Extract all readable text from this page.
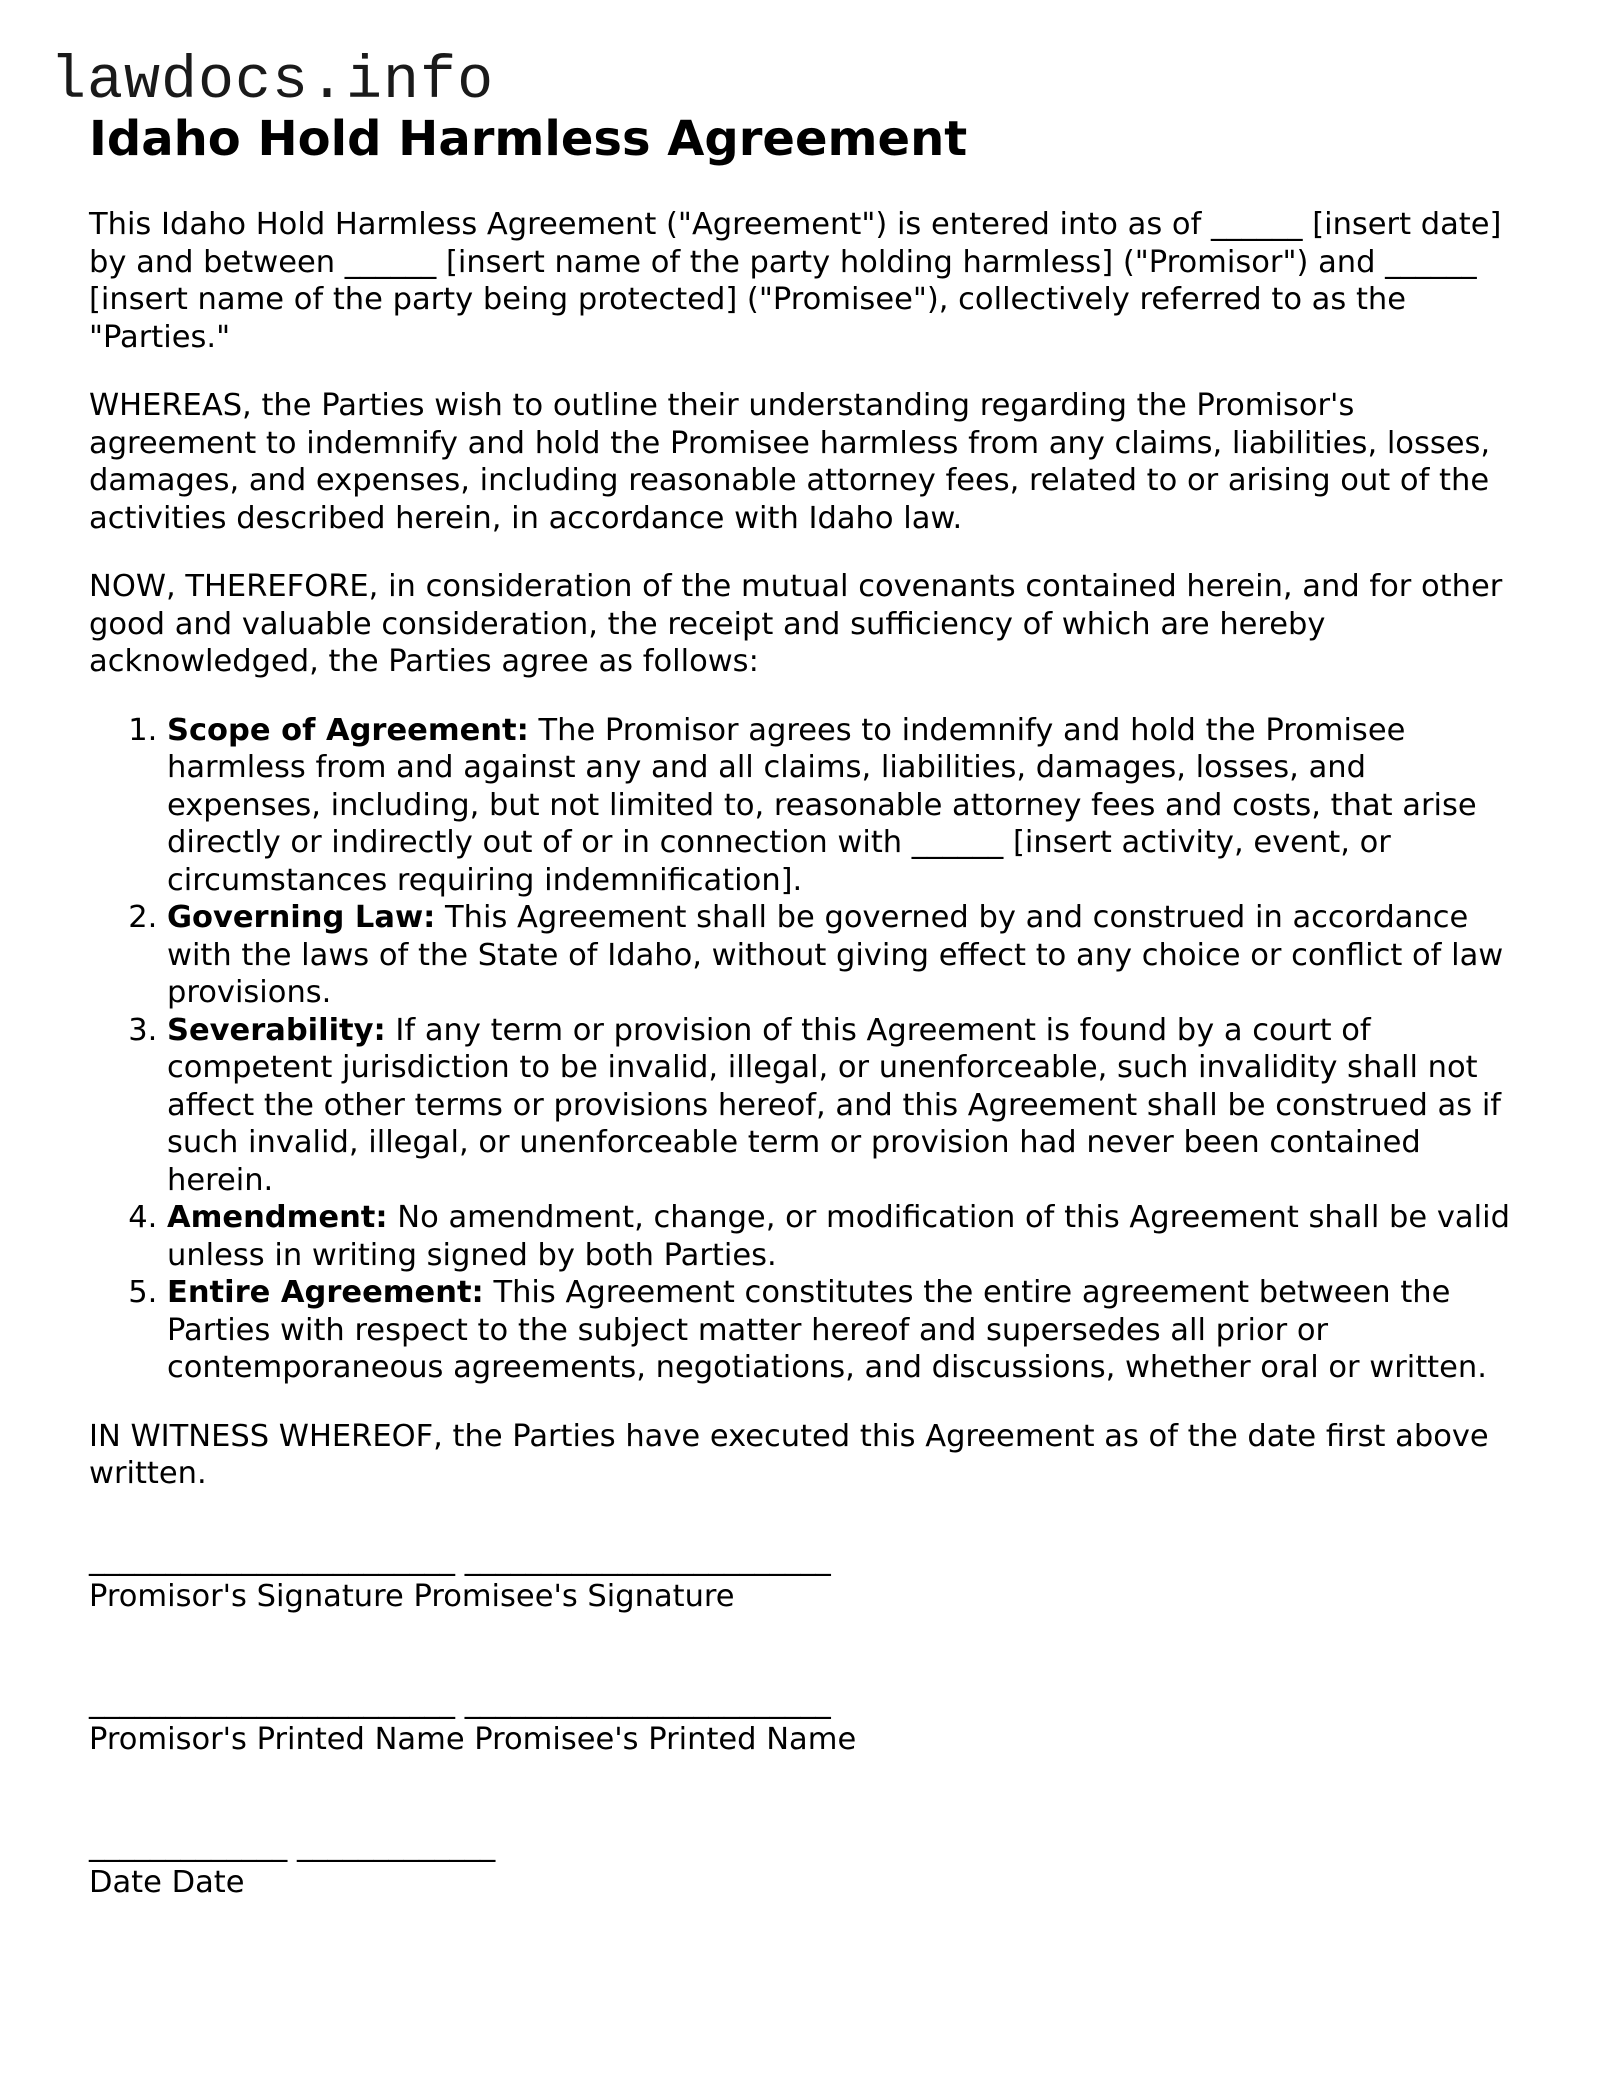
lawdocs.info
Idaho Hold Harmless Agreement

This Idaho Hold Harmless Agreement ("Agreement") is entered into as of ______ [insert date] by and between ______ [insert name of the party holding harmless] ("Promisor") and ______ [insert name of the party being protected] ("Promisee"), collectively referred to as the "Parties."

WHEREAS, the Parties wish to outline their understanding regarding the Promisor's agreement to indemnify and hold the Promisee harmless from any claims, liabilities, losses, damages, and expenses, including reasonable attorney fees, related to or arising out of the activities described herein, in accordance with Idaho law.

NOW, THEREFORE, in consideration of the mutual covenants contained herein, and for other good and valuable consideration, the receipt and sufficiency of which are hereby acknowledged, the Parties agree as follows:

1. Scope of Agreement: The Promisor agrees to indemnify and hold the Promisee harmless from and against any and all claims, liabilities, damages, losses, and expenses, including, but not limited to, reasonable attorney fees and costs, that arise directly or indirectly out of or in connection with ______ [insert activity, event, or circumstances requiring indemnification].
2. Governing Law: This Agreement shall be governed by and construed in accordance with the laws of the State of Idaho, without giving effect to any choice or conflict of law provisions.
3. Severability: If any term or provision of this Agreement is found by a court of competent jurisdiction to be invalid, illegal, or unenforceable, such invalidity shall not affect the other terms or provisions hereof, and this Agreement shall be construed as if such invalid, illegal, or unenforceable term or provision had never been contained herein.
4. Amendment: No amendment, change, or modification of this Agreement shall be valid unless in writing signed by both Parties.
5. Entire Agreement: This Agreement constitutes the entire agreement between the Parties with respect to the subject matter hereof and supersedes all prior or contemporaneous agreements, negotiations, and discussions, whether oral or written.

IN WITNESS WHEREOF, the Parties have executed this Agreement as of the date first above written.

________________________ ________________________
Promisor's Signature Promisee's Signature
________________________ ________________________
Promisor's Printed Name Promisee's Printed Name
_____________ _____________
Date Date
